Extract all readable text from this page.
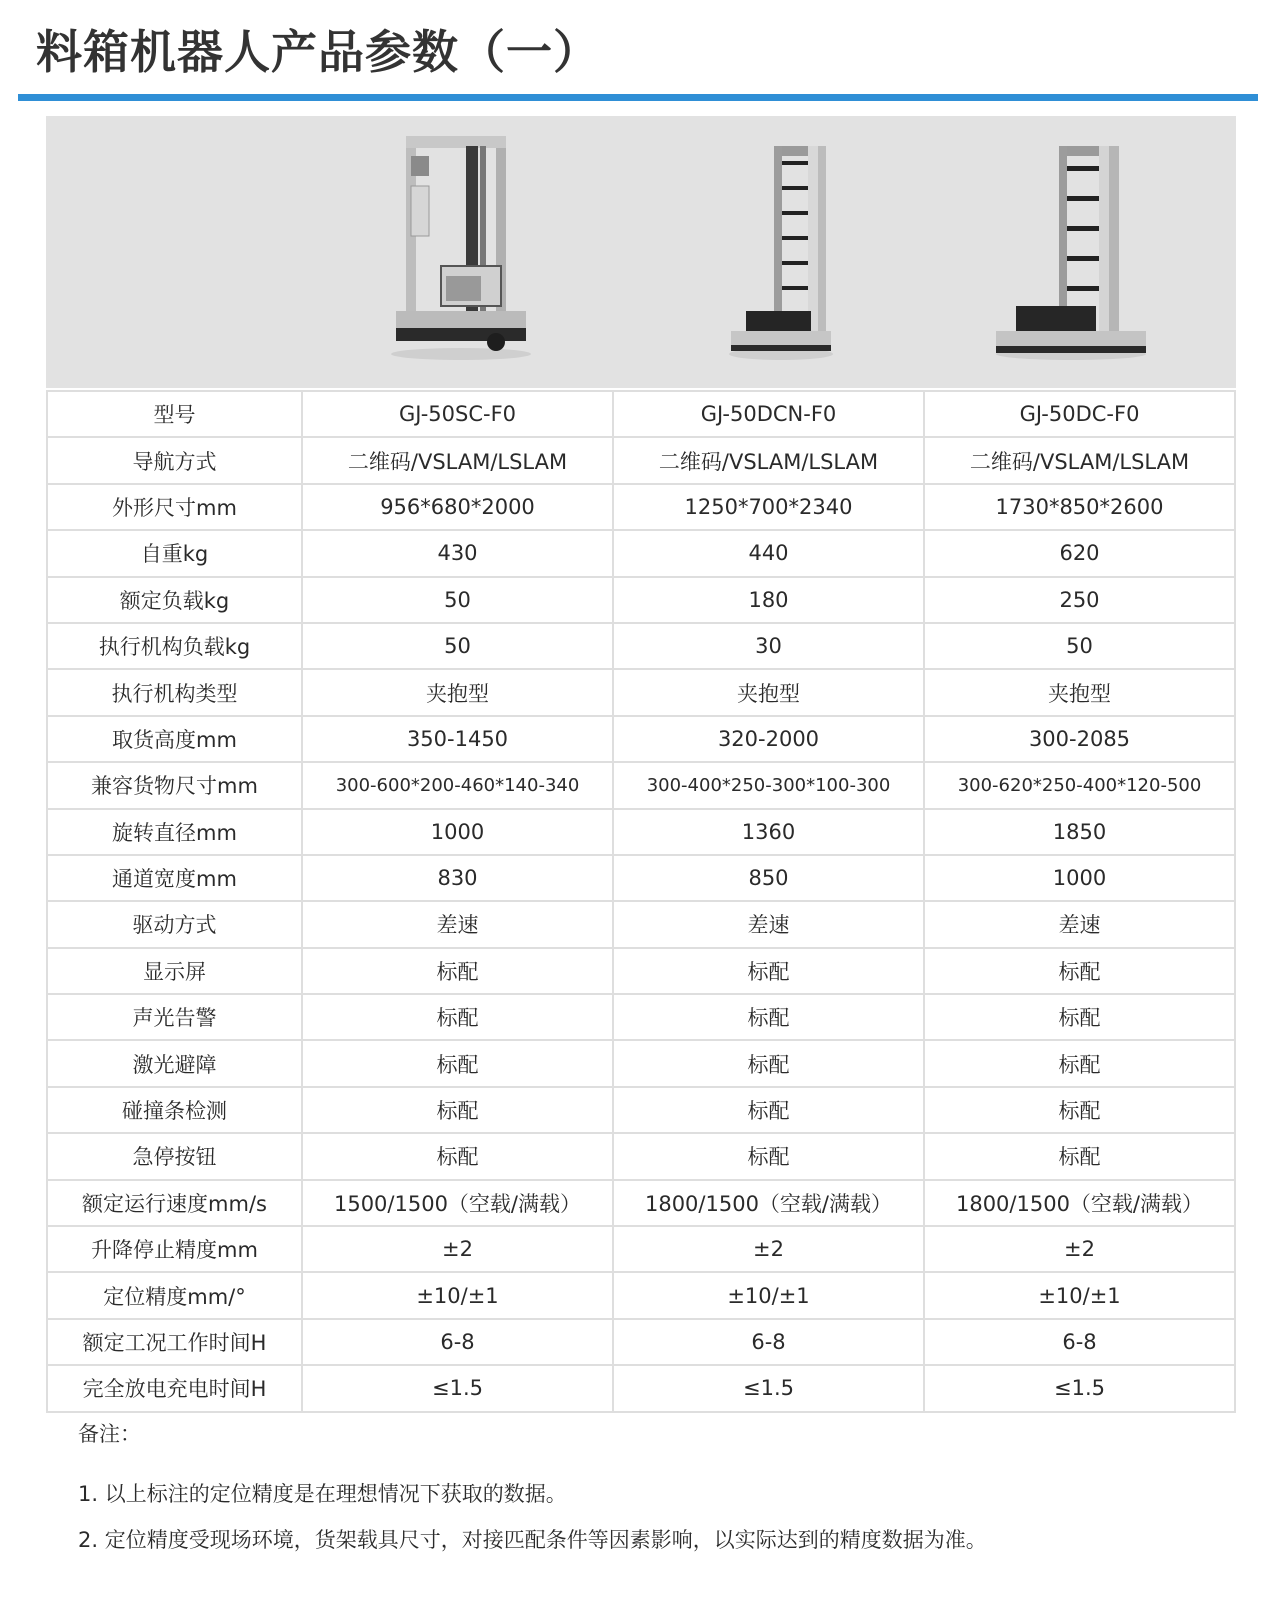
料箱机器人产品参数（一）
型号	GJ-50SC-F0	GJ-50DCN-F0	GJ-50DC-F0
导航方式	二维码/VSLAM/LSLAM	二维码/VSLAM/LSLAM	二维码/VSLAM/LSLAM
外形尺寸mm	956*680*2000	1250*700*2340	1730*850*2600
自重kg	430	440	620
额定负载kg	50	180	250
执行机构负载kg	50	30	50
执行机构类型	夹抱型	夹抱型	夹抱型
取货高度mm	350-1450	320-2000	300-2085
兼容货物尺寸mm	300-600*200-460*140-340	300-400*250-300*100-300	300-620*250-400*120-500
旋转直径mm	1000	1360	1850
通道宽度mm	830	850	1000
驱动方式	差速	差速	差速
显示屏	标配	标配	标配
声光告警	标配	标配	标配
激光避障	标配	标配	标配
碰撞条检测	标配	标配	标配
急停按钮	标配	标配	标配
额定运行速度mm/s	1500/1500（空载/满载）	1800/1500（空载/满载）	1800/1500（空载/满载）
升降停止精度mm	±2	±2	±2
定位精度mm/°	±10/±1	±10/±1	±10/±1
额定工况工作时间H	6-8	6-8	6-8
完全放电充电时间H	≤1.5	≤1.5	≤1.5
备注：
1. 以上标注的定位精度是在理想情况下获取的数据。
2. 定位精度受现场环境，货架载具尺寸，对接匹配条件等因素影响，以实际达到的精度数据为准。
